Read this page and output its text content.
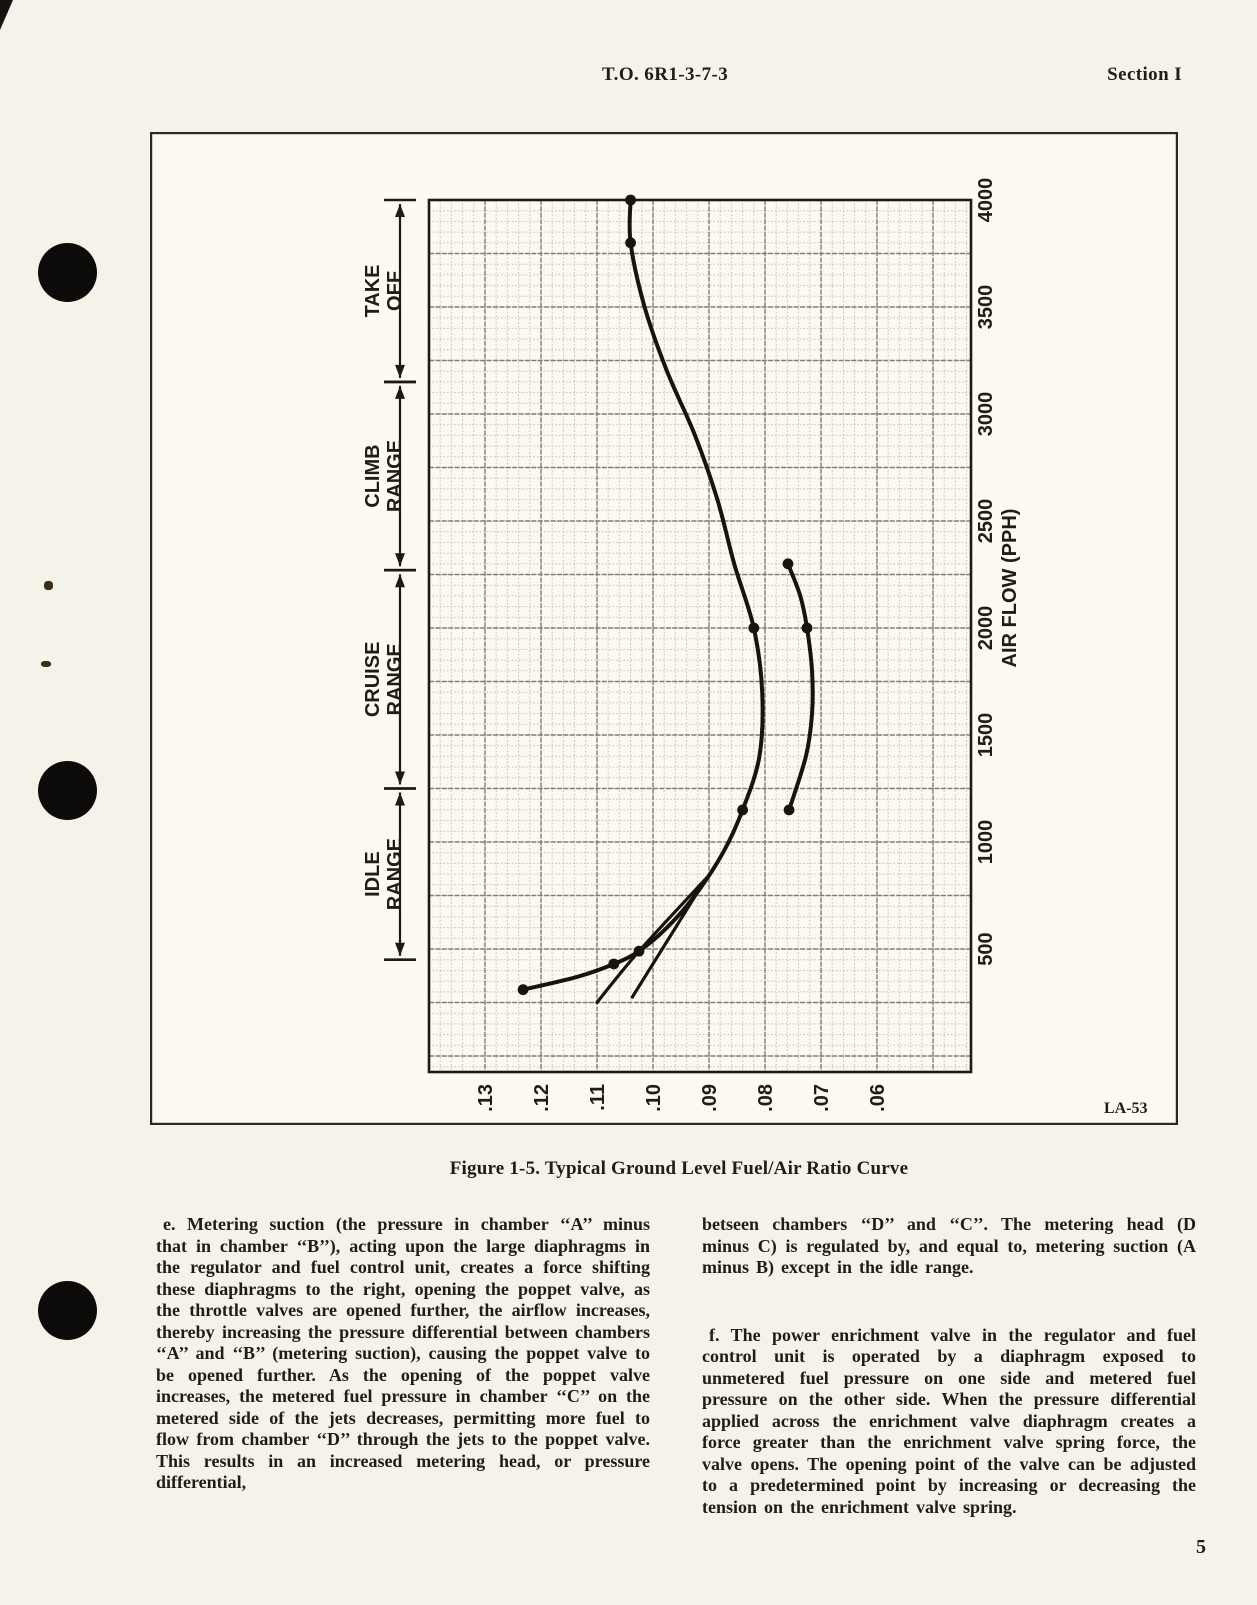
T.O. 6R1-3-7-3	Section I
.13 .12 .11 .10 .09 .08 .07 .06
500
1000
1500
2000
2500
3000
3500
4000
AIR FLOW (PPH)
TAKE OFF
CLIMB RANGE
CRUISE RANGE
IDLE RANGE
LA-53
Figure 1-5. Typical Ground Level Fuel/Air Ratio Curve

e. Metering suction (the pressure in chamber ‘‘A’’ minus that in chamber ‘‘B’’), acting upon the large diaphragms in the regulator and fuel control unit, creates a force shifting these diaphragms to the right, opening the poppet valve, as the throttle valves are opened further, the airflow increases, thereby increasing the pressure differential between chambers ‘‘A’’ and ‘‘B’’ (metering suction), causing the poppet valve to be opened further. As the opening of the poppet valve increases, the metered fuel pressure in chamber ‘‘C’’ on the metered side of the jets decreases, permitting more fuel to flow from chamber ‘‘D’’ through the jets to the poppet valve. This results in an increased metering head, or pressure differential,

betseen chambers ‘‘D’’ and ‘‘C’’. The metering head (D minus C) is regulated by, and equal to, metering suction (A minus B) except in the idle range.

f. The power enrichment valve in the regulator and fuel control unit is operated by a diaphragm exposed to unmetered fuel pressure on one side and metered fuel pressure on the other side. When the pressure differential applied across the enrichment valve diaphragm creates a force greater than the enrichment valve spring force, the valve opens. The opening point of the valve can be adjusted to a predetermined point by increasing or decreasing the tension on the enrichment valve spring.

5
